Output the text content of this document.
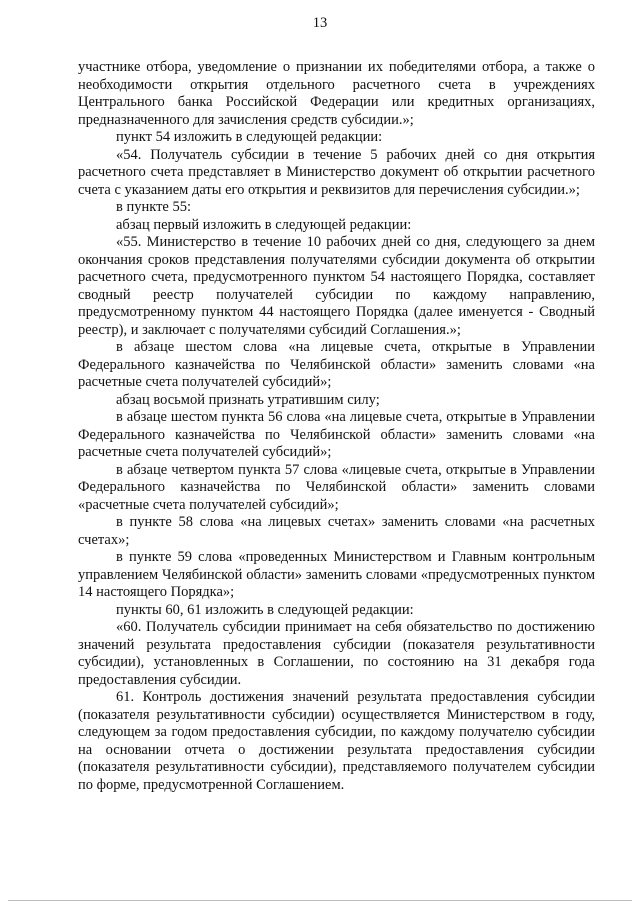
13

участнике отбора, уведомление о признании их победителями отбора, а также о необходимости открытия отдельного расчетного счета в учреждениях Центрального банка Российской Федерации или кредитных организациях, предназначенного для зачисления средств субсидии.»;

пункт 54 изложить в следующей редакции:

«54. Получатель субсидии в течение 5 рабочих дней со дня открытия расчетного счета представляет в Министерство документ об открытии расчетного счета с указанием даты его открытия и реквизитов для перечисления субсидии.»;

в пункте 55:

абзац первый изложить в следующей редакции:

«55. Министерство в течение 10 рабочих дней со дня, следующего за днем окончания сроков представления получателями субсидии документа об открытии расчетного счета, предусмотренного пунктом 54 настоящего Порядка, составляет сводный реестр получателей субсидии по каждому направлению, предусмотренному пунктом 44 настоящего Порядка (далее именуется - Сводный реестр), и заключает с получателями субсидий Соглашения.»;

в абзаце шестом слова «на лицевые счета, открытые в Управлении Федерального казначейства по Челябинской области» заменить словами «на расчетные счета получателей субсидий»;

абзац восьмой признать утратившим силу;

в абзаце шестом пункта 56 слова «на лицевые счета, открытые в Управлении Федерального казначейства по Челябинской области» заменить словами «на расчетные счета получателей субсидий»;

в абзаце четвертом пункта 57 слова «лицевые счета, открытые в Управлении Федерального казначейства по Челябинской области» заменить словами «расчетные счета получателей субсидий»;

в пункте 58 слова «на лицевых счетах» заменить словами «на расчетных счетах»;

в пункте 59 слова «проведенных Министерством и Главным контрольным управлением Челябинской области» заменить словами «предусмотренных пунктом 14 настоящего Порядка»;

пункты 60, 61 изложить в следующей редакции:

«60. Получатель субсидии принимает на себя обязательство по достижению значений результата предоставления субсидии (показателя результативности субсидии), установленных в Соглашении, по состоянию на 31 декабря года предоставления субсидии.

61. Контроль достижения значений результата предоставления субсидии (показателя результативности субсидии) осуществляется Министерством в году, следующем за годом предоставления субсидии, по каждому получателю субсидии на основании отчета о достижении результата предоставления субсидии (показателя результативности субсидии), представляемого получателем субсидии по форме, предусмотренной Соглашением.
